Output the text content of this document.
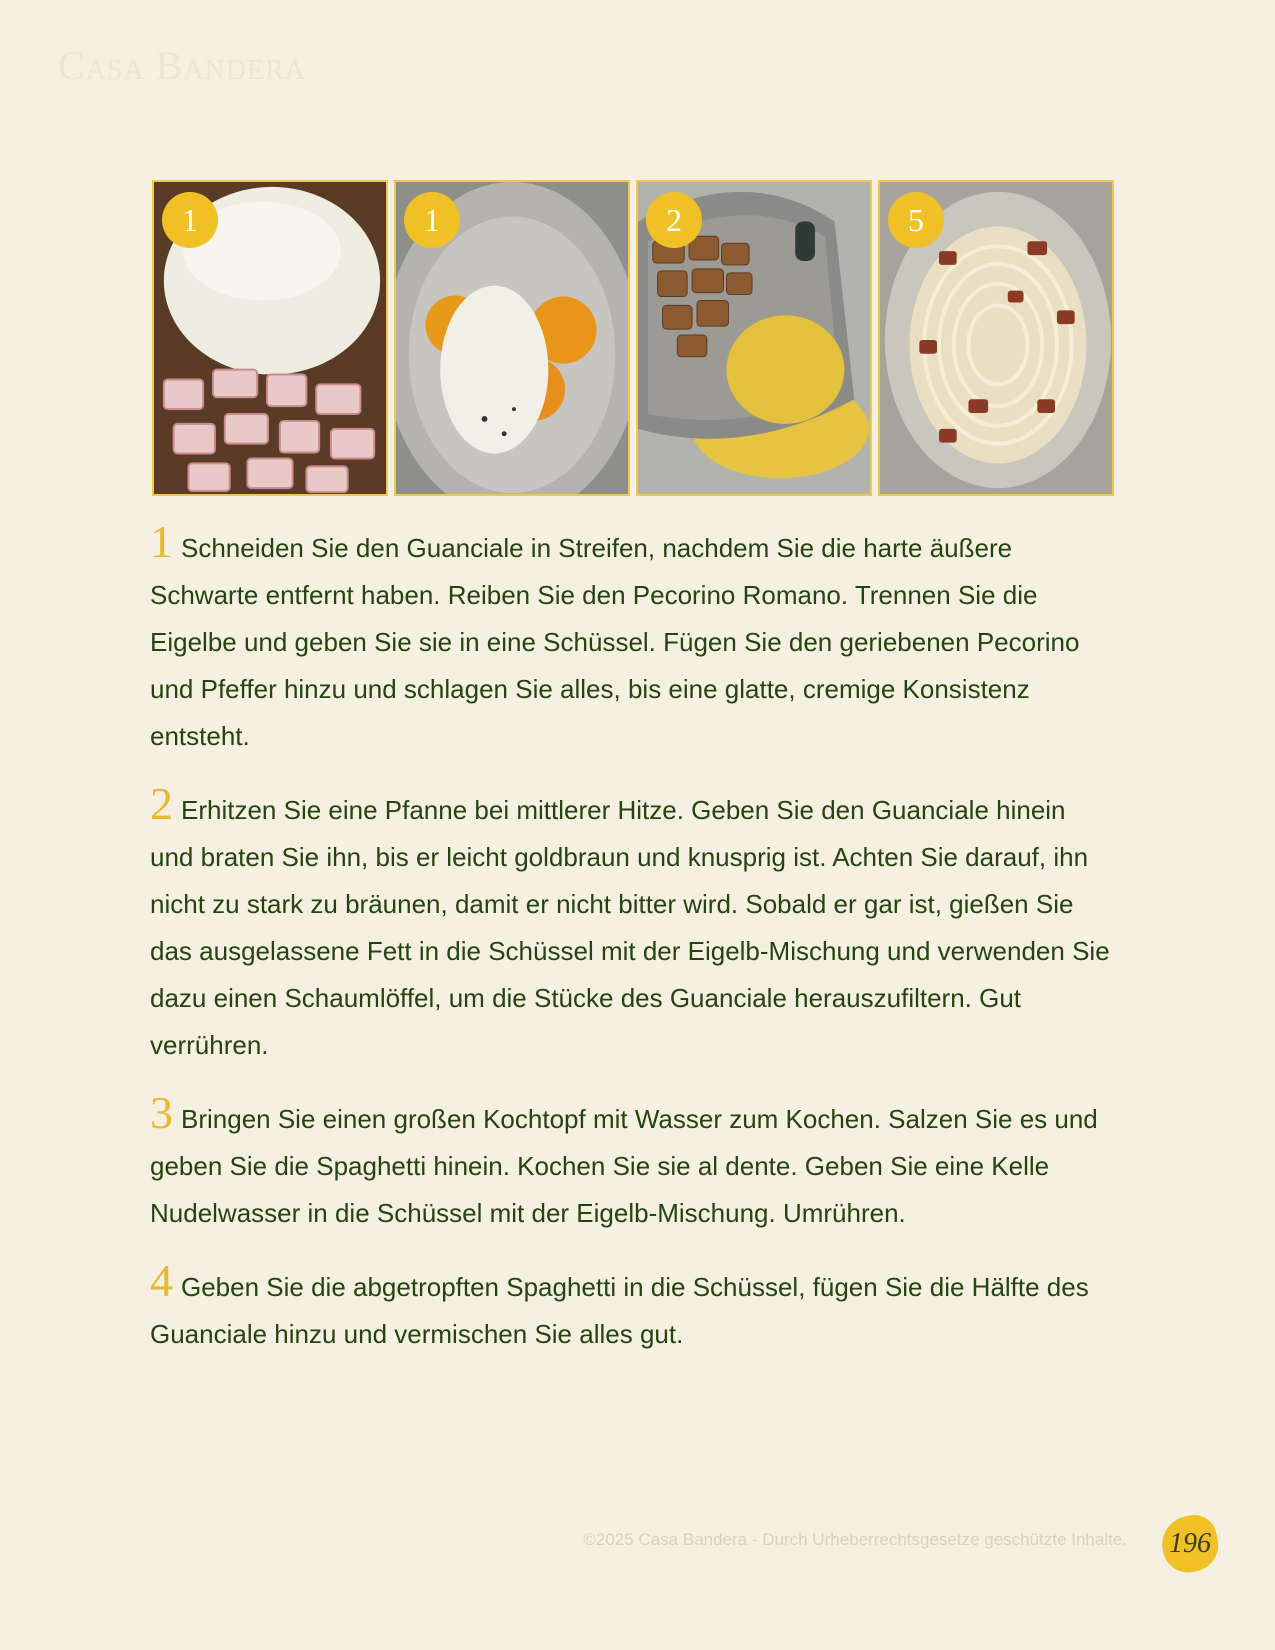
Casa Bandera
1	1	2	5

1 Schneiden Sie den Guanciale in Streifen, nachdem Sie die harte äußere Schwarte entfernt haben. Reiben Sie den Pecorino Romano. Trennen Sie die Eigelbe und geben Sie sie in eine Schüssel. Fügen Sie den geriebenen Pecorino und Pfeffer hinzu und schlagen Sie alles, bis eine glatte, cremige Konsistenz entsteht.

2 Erhitzen Sie eine Pfanne bei mittlerer Hitze. Geben Sie den Guanciale hinein und braten Sie ihn, bis er leicht goldbraun und knusprig ist. Achten Sie darauf, ihn nicht zu stark zu bräunen, damit er nicht bitter wird. Sobald er gar ist, gießen Sie das ausgelassene Fett in die Schüssel mit der Eigelb-Mischung und verwenden Sie dazu einen Schaumlöffel, um die Stücke des Guanciale herauszufiltern. Gut verrühren.

3 Bringen Sie einen großen Kochtopf mit Wasser zum Kochen. Salzen Sie es und geben Sie die Spaghetti hinein. Kochen Sie sie al dente. Geben Sie eine Kelle Nudelwasser in die Schüssel mit der Eigelb-Mischung. Umrühren.

4 Geben Sie die abgetropften Spaghetti in die Schüssel, fügen Sie die Hälfte des Guanciale hinzu und vermischen Sie alles gut.

©2025 Casa Bandera - Durch Urheberrechtsgesetze geschützte Inhalte. 196
